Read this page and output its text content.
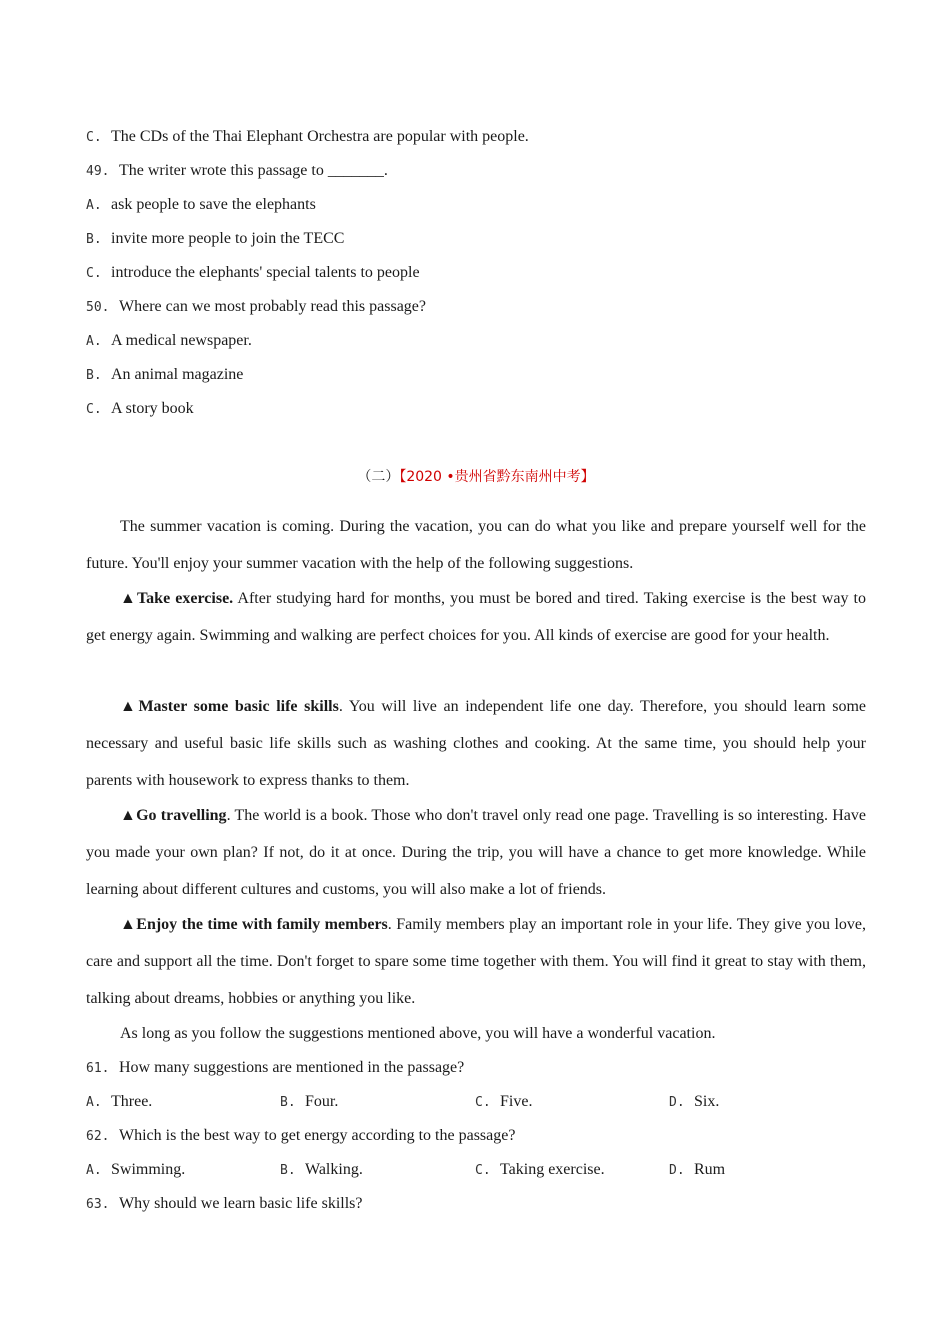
C. The CDs of the Thai Elephant Orchestra are popular with people.
49. The writer wrote this passage to _______.
A. ask people to save the elephants
B. invite more people to join the TECC
C. introduce the elephants' special talents to people
50. Where can we most probably read this passage?
A. A medical newspaper.
B. An animal magazine
C. A story book
（二）【2020 •贵州省黔东南州中考】
The summer vacation is coming. During the vacation, you can do what you like and prepare yourself well for the future. You'll enjoy your summer vacation with the help of the following suggestions.
▲Take exercise. After studying hard for months, you must be bored and tired. Taking exercise is the best way to get energy again. Swimming and walking are perfect choices for you. All kinds of exercise are good for your health.
▲Master some basic life skills. You will live an independent life one day. Therefore, you should learn some necessary and useful basic life skills such as washing clothes and cooking. At the same time, you should help your parents with housework to express thanks to them.
▲Go travelling. The world is a book. Those who don't travel only read one page. Travelling is so interesting. Have you made your own plan? If not, do it at once. During the trip, you will have a chance to get more knowledge. While learning about different cultures and customs, you will also make a lot of friends.
▲Enjoy the time with family members. Family members play an important role in your life. They give you love, care and support all the time. Don't forget to spare some time together with them. You will find it great to stay with them, talking about dreams, hobbies or anything you like.
As long as you follow the suggestions mentioned above, you will have a wonderful vacation.
61. How many suggestions are mentioned in the passage?
A. Three.	B. Four.	C. Five.	D. Six.
62. Which is the best way to get energy according to the passage?
A. Swimming.	B. Walking.	C. Taking exercise.	D. Rum
63. Why should we learn basic life skills?
